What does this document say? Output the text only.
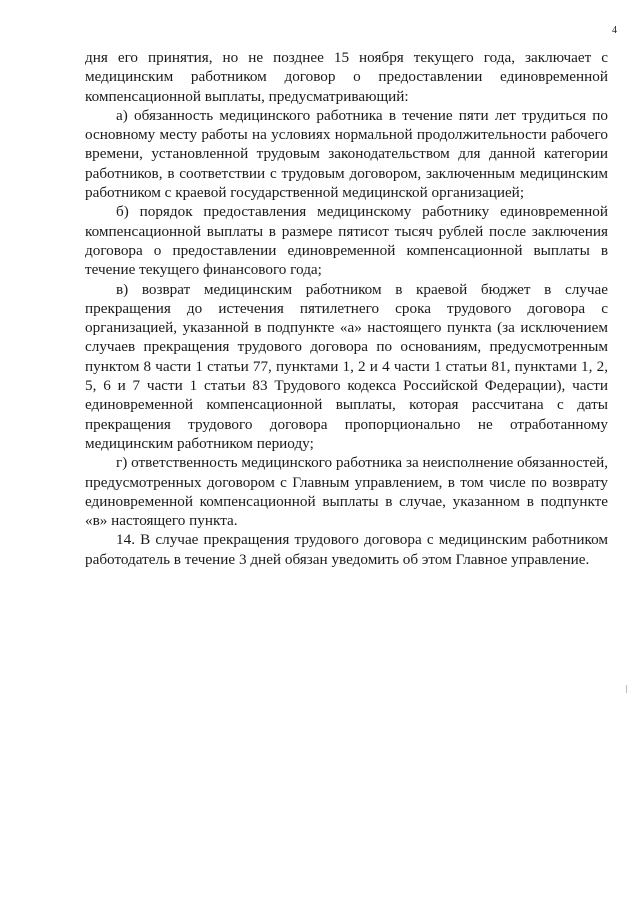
4

дня его принятия, но не позднее 15 ноября текущего года, заключает с медицинским работником договор о предоставлении единовременной компенсационной выплаты, предусматривающий:

а) обязанность медицинского работника в течение пяти лет трудиться по основному месту работы на условиях нормальной продолжительности рабочего времени, установленной трудовым законодательством для данной категории работников, в соответствии с трудовым договором, заключенным медицинским работником с краевой государственной медицинской организацией;

б) порядок предоставления медицинскому работнику единовременной компенсационной выплаты в размере пятисот тысяч рублей после заключения договора о предоставлении единовременной компенсационной выплаты в течение текущего финансового года;

в) возврат медицинским работником в краевой бюджет в случае прекращения до истечения пятилетнего срока трудового договора с организацией, указанной в подпункте «а» настоящего пункта (за исключением случаев прекращения трудового договора по основаниям, предусмотренным пунктом 8 части 1 статьи 77, пунктами 1, 2 и 4 части 1 статьи 81, пунктами 1, 2, 5, 6 и 7 части 1 статьи 83 Трудового кодекса Российской Федерации), части единовременной компенсационной выплаты, которая рассчитана с даты прекращения трудового договора пропорционально не отработанному медицинским работником периоду;

г) ответственность медицинского работника за неисполнение обязанностей, предусмотренных договором с Главным управлением, в том числе по возврату единовременной компенсационной выплаты в случае, указанном в подпункте «в» настоящего пункта.

14. В случае прекращения трудового договора с медицинским работником работодатель в течение 3 дней обязан уведомить об этом Главное управление.
